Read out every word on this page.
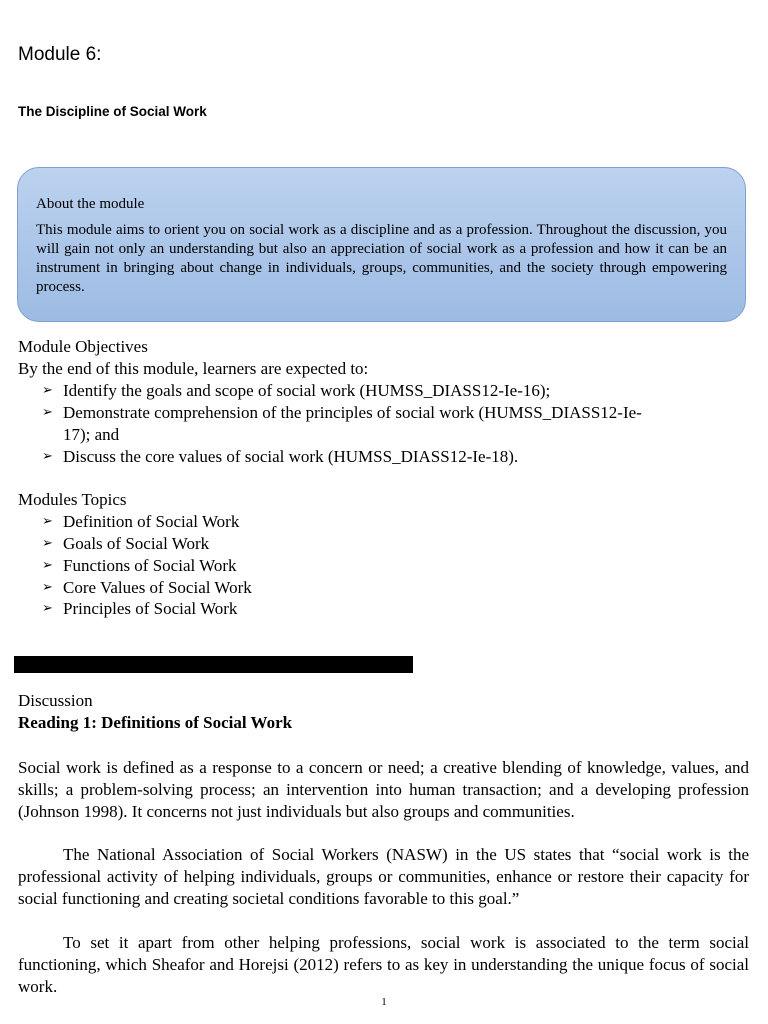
Module 6:
The Discipline of Social Work
About the module
This module aims to orient you on social work as a discipline and as a profession. Throughout the discussion, you will gain not only an understanding but also an appreciation of social work as a profession and how it can be an instrument in bringing about change in individuals, groups, communities, and the society through empowering process.
Module Objectives
By the end of this module, learners are expected to:
➢ Identify the goals and scope of social work (HUMSS_DIASS12-Ie-16);
➢ Demonstrate comprehension of the principles of social work (HUMSS_DIASS12-Ie-
17); and
➢ Discuss the core values of social work (HUMSS_DIASS12-Ie-18).
Modules Topics
➢ Definition of Social Work
➢ Goals of Social Work
➢ Functions of Social Work
➢ Core Values of Social Work
➢ Principles of Social Work
Discussion
Reading 1: Definitions of Social Work

Social work is defined as a response to a concern or need; a creative blending of knowledge, values, and skills; a problem-solving process; an intervention into human transaction; and a developing profession (Johnson 1998). It concerns not just individuals but also groups and communities.

The National Association of Social Workers (NASW) in the US states that “social work is the professional activity of helping individuals, groups or communities, enhance or restore their capacity for social functioning and creating societal conditions favorable to this goal.”

To set it apart from other helping professions, social work is associated to the term social functioning, which Sheafor and Horejsi (2012) refers to as key in understanding the unique focus of social work.

1
